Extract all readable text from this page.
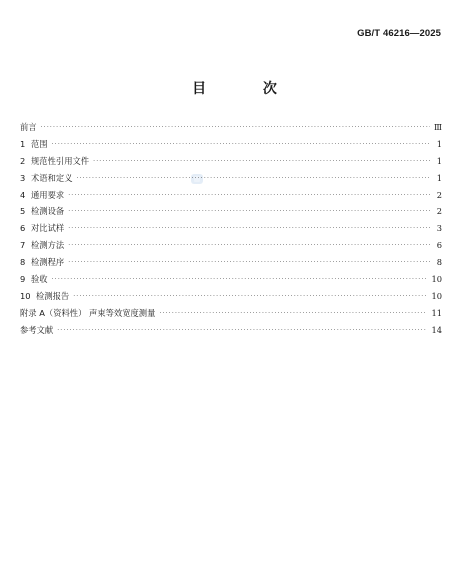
GB/T 46216—2025
目 次
前言 ·····	Ⅲ
1 范围 ·····	1
2 规范性引用文件 ·····	1
3 术语和定义 ·····	1
4 通用要求 ·····	2
5 检测设备 ·····	2
6 对比试样 ·····	3
7 检测方法 ·····	6
8 检测程序 ·····	8
9 验收 ·····	10
10 检测报告 ·····	10
附录 A（资料性） 声束等效宽度测量 ·····	11
参考文献 ·····	14
